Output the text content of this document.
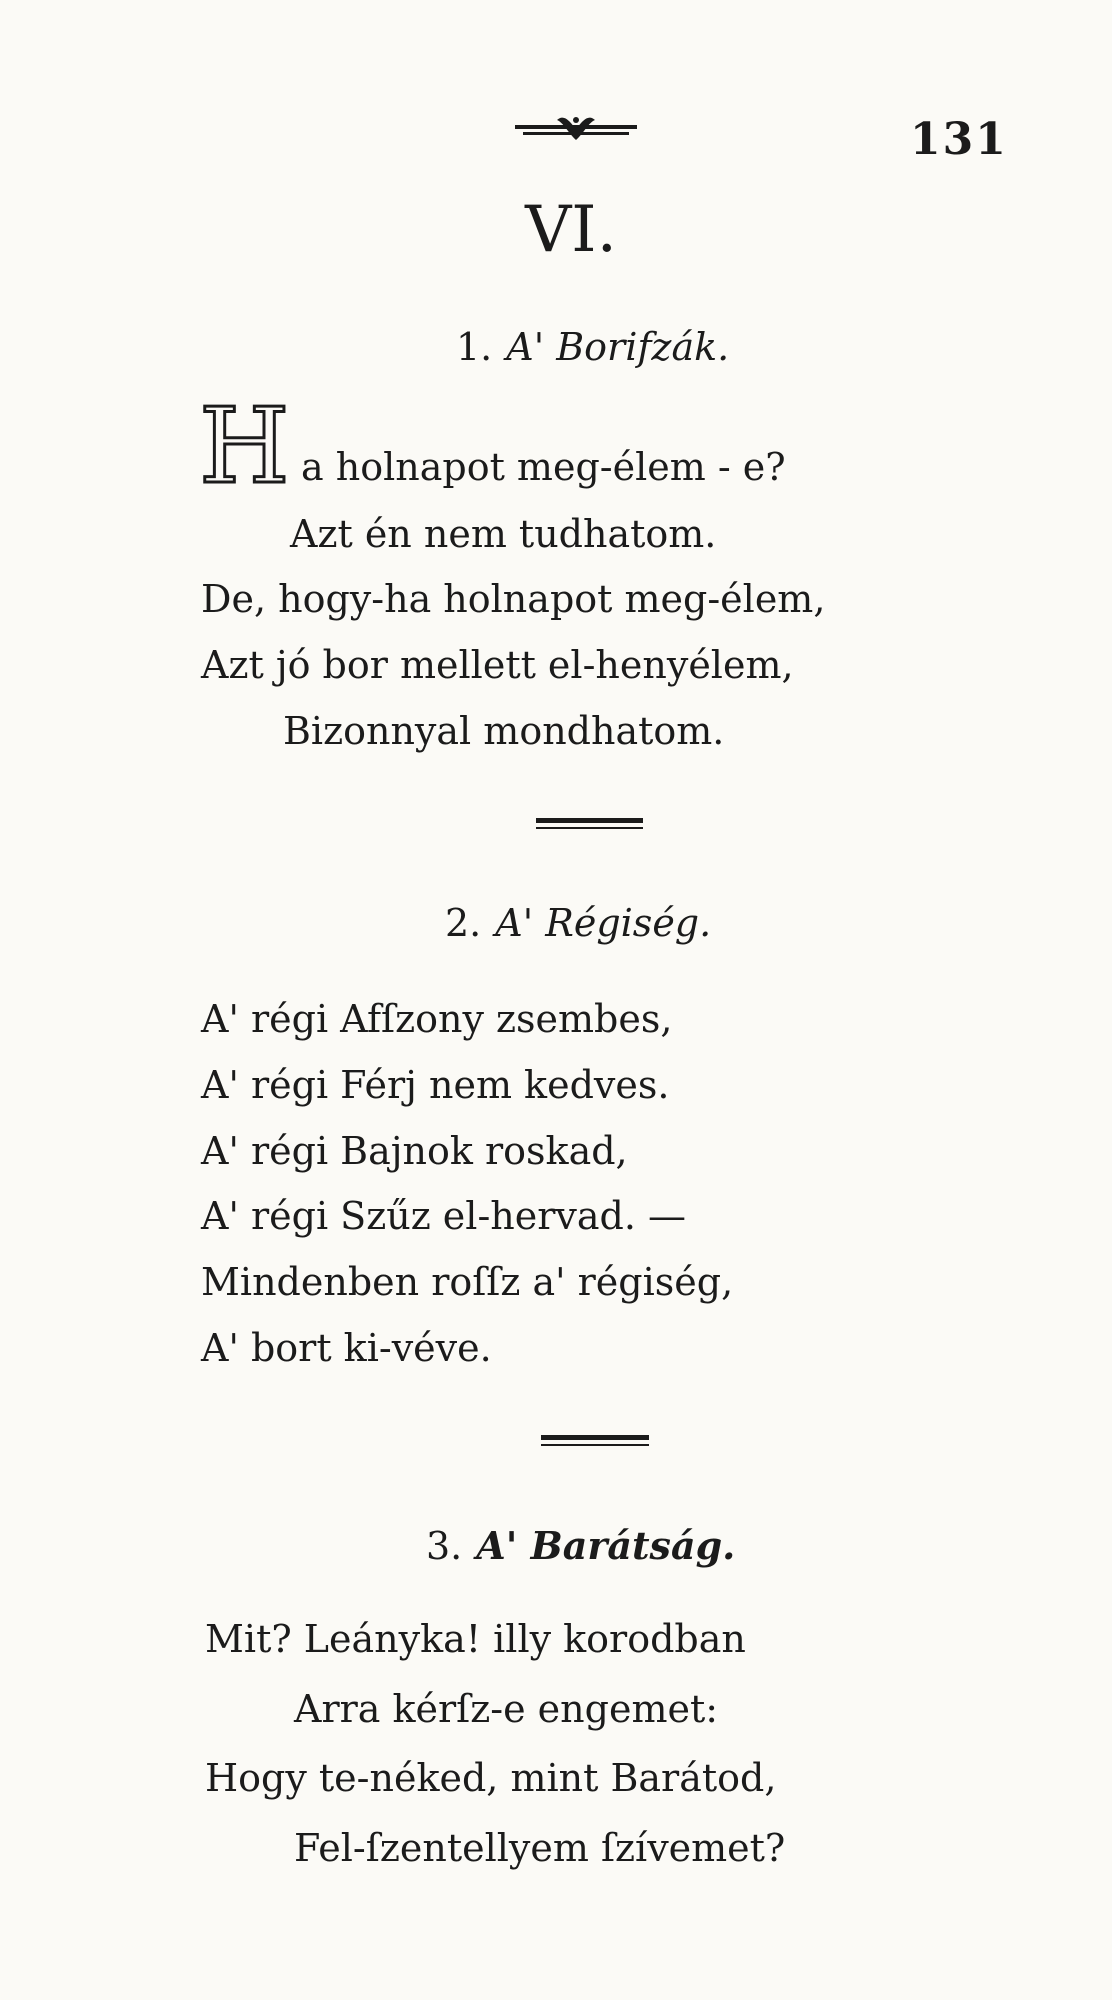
131
VI.
1. A' Borifzák.
H a holnapot meg-élem - e?
Azt én nem tudhatom.
De, hogy-ha holnapot meg-élem,
Azt jó bor mellett el-henyélem,
Bizonnyal mondhatom.
2. A' Régiség.
A' régi Afſzony zsembes,
A' régi Férj nem kedves.
A' régi Bajnok roskad,
A' régi Szűz el-hervad. —
Mindenben roſſz a' régiség,
A' bort ki-véve.
3. A' Barátság.
Mit? Leányka! illy korodban
Arra kérſz-e engemet:
Hogy te-néked, mint Barátod,
Fel-ſzentellyem ſzívemet?
